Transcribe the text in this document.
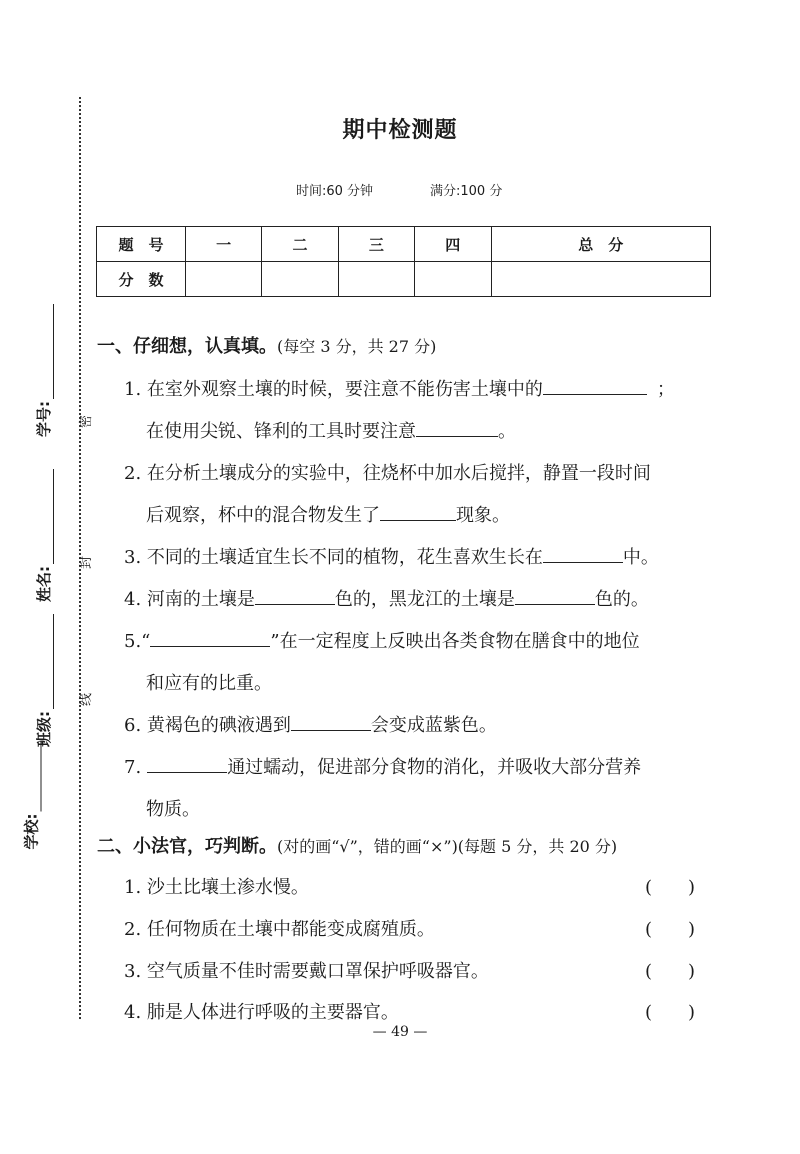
学号:
姓名:
班级:
学校:
密
封
线
期中检测题
时间:60 分钟	满分:100 分
题　号	一	二	三	四	总　分
分　数					
一、仔细想，认真填。(每空 3 分，共 27 分)
1. 在室外观察土壤的时候，要注意不能伤害土壤中的	；
在使用尖锐、锋利的工具时要注意	。
2. 在分析土壤成分的实验中，往烧杯中加水后搅拌，静置一段时间
后观察，杯中的混合物发生了	现象。
3. 不同的土壤适宜生长不同的植物，花生喜欢生长在	中。
4. 河南的土壤是	色的，黑龙江的土壤是	色的。
5.“	”在一定程度上反映出各类食物在膳食中的地位
和应有的比重。
6. 黄褐色的碘液遇到	会变成蓝紫色。
7.	通过蠕动，促进部分食物的消化，并吸收大部分营养
物质。
二、小法官，巧判断。(对的画“√”，错的画“×”)(每题 5 分，共 20 分)
1. 沙土比壤土渗水慢。	(　　)
2. 任何物质在土壤中都能变成腐殖质。	(　　)
3. 空气质量不佳时需要戴口罩保护呼吸器官。	(　　)
4. 肺是人体进行呼吸的主要器官。	(　　)
— 49 —
